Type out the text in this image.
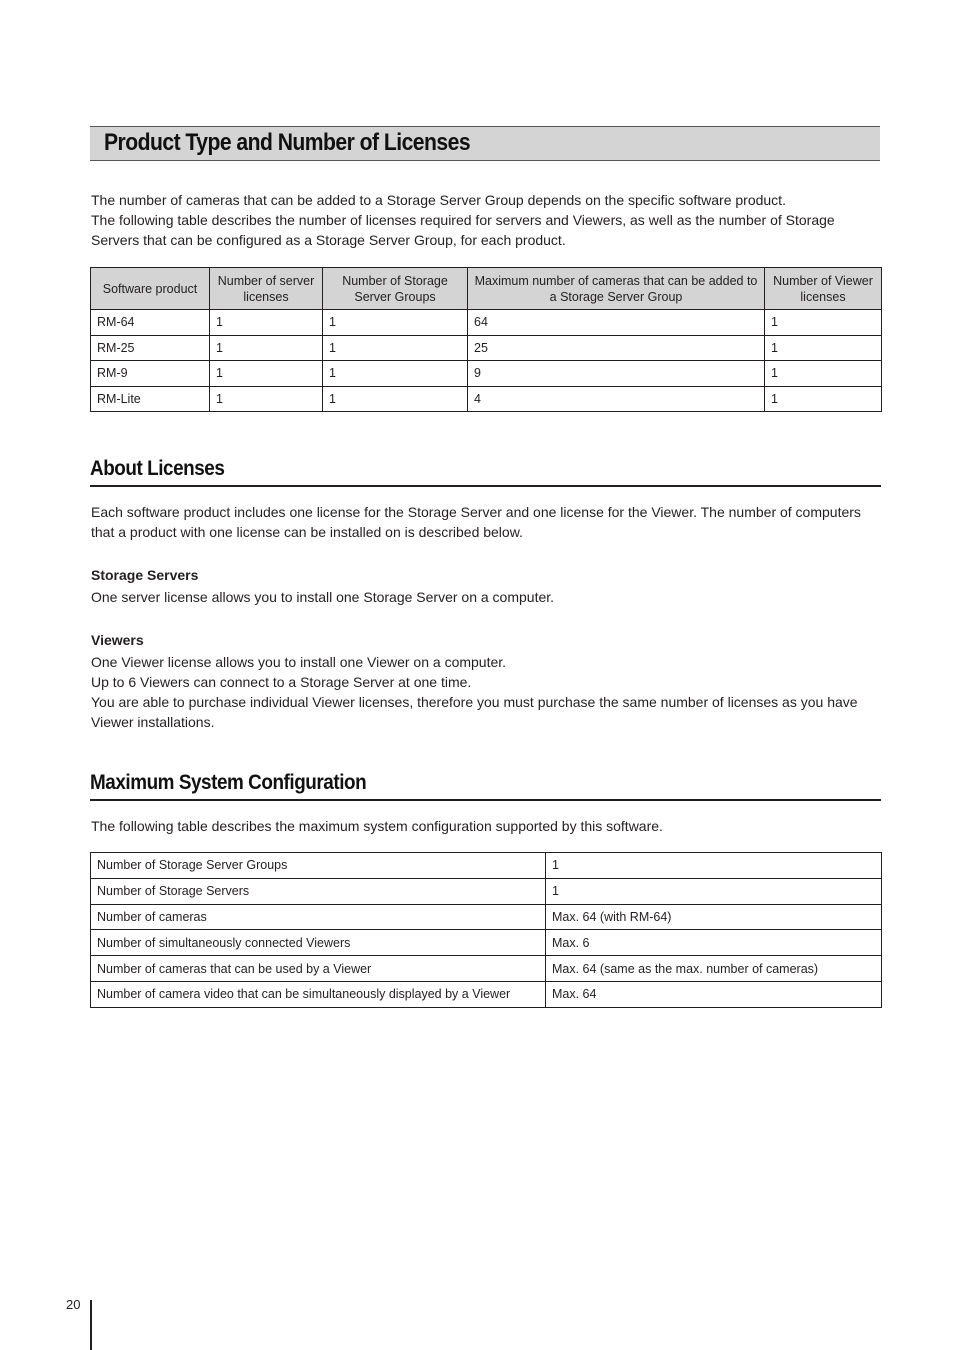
Product Type and Number of Licenses

The number of cameras that can be added to a Storage Server Group depends on the specific software product.

The following table describes the number of licenses required for servers and Viewers, as well as the number of Storage Servers that can be configured as a Storage Server Group, for each product.

Software product	Number of server licenses	Number of Storage Server Groups	Maximum number of cameras that can be added to a Storage Server Group	Number of Viewer licenses
RM-64	1	1	64	1
RM-25	1	1	25	1
RM-9	1	1	9	1
RM-Lite	1	1	4	1
About Licenses

Each software product includes one license for the Storage Server and one license for the Viewer. The number of computers that a product with one license can be installed on is described below.

Storage Servers

One server license allows you to install one Storage Server on a computer.

Viewers

One Viewer license allows you to install one Viewer on a computer.

Up to 6 Viewers can connect to a Storage Server at one time.

You are able to purchase individual Viewer licenses, therefore you must purchase the same number of licenses as you have Viewer installations.

Maximum System Configuration

The following table describes the maximum system configuration supported by this software.

Number of Storage Server Groups	1
Number of Storage Servers	1
Number of cameras	Max. 64 (with RM-64)
Number of simultaneously connected Viewers	Max. 6
Number of cameras that can be used by a Viewer	Max. 64 (same as the max. number of cameras)
Number of camera video that can be simultaneously displayed by a Viewer	Max. 64
20
